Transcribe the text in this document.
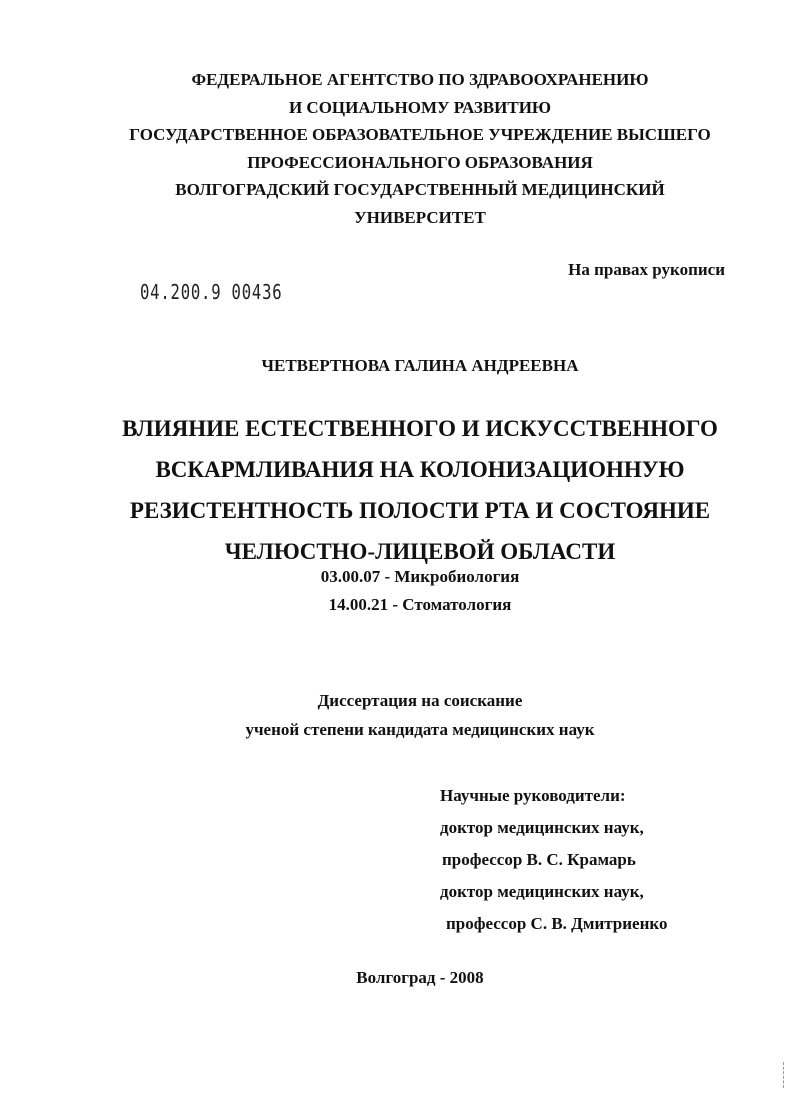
ФЕДЕРАЛЬНОЕ АГЕНТСТВО ПО ЗДРАВООХРАНЕНИЮ
И СОЦИАЛЬНОМУ РАЗВИТИЮ
ГОСУДАРСТВЕННОЕ ОБРАЗОВАТЕЛЬНОЕ УЧРЕЖДЕНИЕ ВЫСШЕГО
ПРОФЕССИОНАЛЬНОГО ОБРАЗОВАНИЯ
ВОЛГОГРАДСКИЙ ГОСУДАРСТВЕННЫЙ МЕДИЦИНСКИЙ
УНИВЕРСИТЕТ
На правах рукописи
04.200.9 00436
ЧЕТВЕРТНОВА ГАЛИНА АНДРЕЕВНА
ВЛИЯНИЕ ЕСТЕСТВЕННОГО И ИСКУССТВЕННОГО
ВСКАРМЛИВАНИЯ НА КОЛОНИЗАЦИОННУЮ
РЕЗИСТЕНТНОСТЬ ПОЛОСТИ РТА И СОСТОЯНИЕ
ЧЕЛЮСТНО-ЛИЦЕВОЙ ОБЛАСТИ
03.00.07 - Микробиология
14.00.21 - Стоматология
Диссертация на соискание
ученой степени кандидата медицинских наук
Научные руководители:
доктор медицинских наук,
профессор В. С. Крамарь
доктор медицинских наук,
профессор С. В. Дмитриенко
Волгоград - 2008
